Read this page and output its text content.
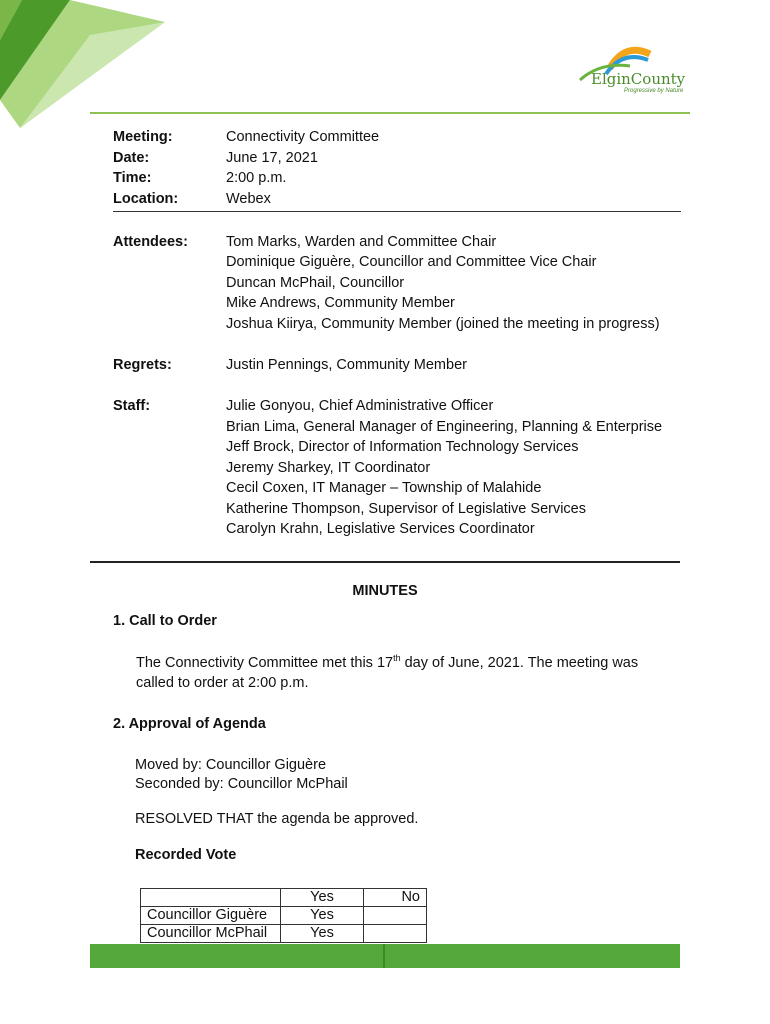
ElginCounty
Progressive by Nature
Meeting:	Connectivity Committee
Date:	June 17, 2021
Time:	2:00 p.m.
Location:	Webex
Attendees:	Tom Marks, Warden and Committee Chair
Dominique Giguère, Councillor and Committee Vice Chair
Duncan McPhail, Councillor
Mike Andrews, Community Member
Joshua Kiirya, Community Member (joined the meeting in progress)
Regrets:	Justin Pennings, Community Member
Staff:	Julie Gonyou, Chief Administrative Officer
Brian Lima, General Manager of Engineering, Planning & Enterprise
Jeff Brock, Director of Information Technology Services
Jeremy Sharkey, IT Coordinator
Cecil Coxen, IT Manager – Township of Malahide
Katherine Thompson, Supervisor of Legislative Services
Carolyn Krahn, Legislative Services Coordinator
MINUTES
1. Call to Order
The Connectivity Committee met this 17th day of June, 2021. The meeting was
called to order at 2:00 p.m.
2. Approval of Agenda
Moved by: Councillor Giguère
Seconded by: Councillor McPhail
RESOLVED THAT the agenda be approved.
Recorded Vote
	Yes	No
Councillor Giguère	Yes	
Councillor McPhail	Yes	
